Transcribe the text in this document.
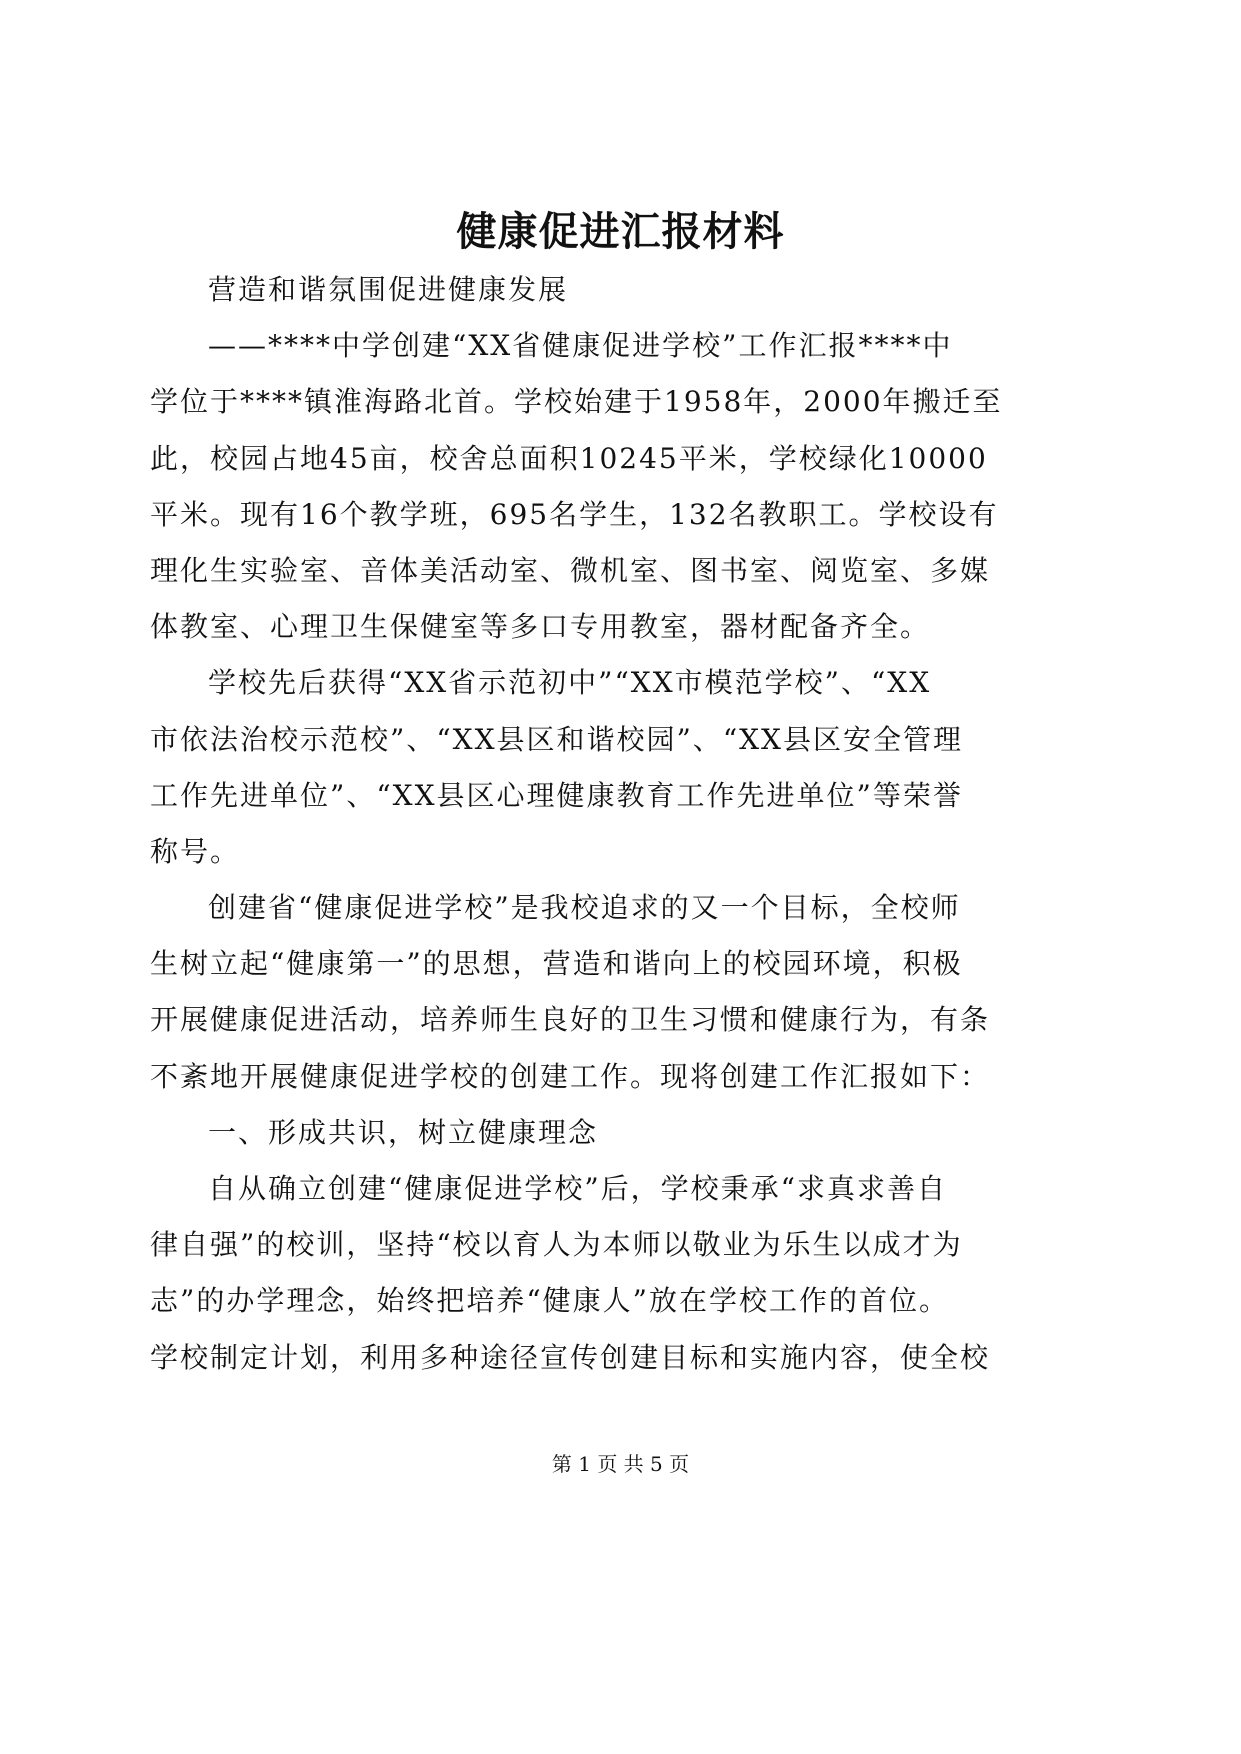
健康促进汇报材料
营造和谐氛围促进健康发展
——****中学创建“XX省健康促进学校”工作汇报****中
学位于****镇淮海路北首。学校始建于1958年，2000年搬迁至
此，校园占地45亩，校舍总面积10245平米，学校绿化10000
平米。现有16个教学班，695名学生，132名教职工。学校设有
理化生实验室、音体美活动室、微机室、图书室、阅览室、多媒
体教室、心理卫生保健室等多口专用教室，器材配备齐全。
学校先后获得“XX省示范初中”“XX市模范学校”、“XX
市依法治校示范校”、“XX县区和谐校园”、“XX县区安全管理
工作先进单位”、“XX县区心理健康教育工作先进单位”等荣誉
称号。
创建省“健康促进学校”是我校追求的又一个目标，全校师
生树立起“健康第一”的思想，营造和谐向上的校园环境，积极
开展健康促进活动，培养师生良好的卫生习惯和健康行为，有条
不紊地开展健康促进学校的创建工作。现将创建工作汇报如下：
一、形成共识，树立健康理念
自从确立创建“健康促进学校”后，学校秉承“求真求善自
律自强”的校训，坚持“校以育人为本师以敬业为乐生以成才为
志”的办学理念，始终把培养“健康人”放在学校工作的首位。
学校制定计划，利用多种途径宣传创建目标和实施内容，使全校
第 1 页 共 5 页
